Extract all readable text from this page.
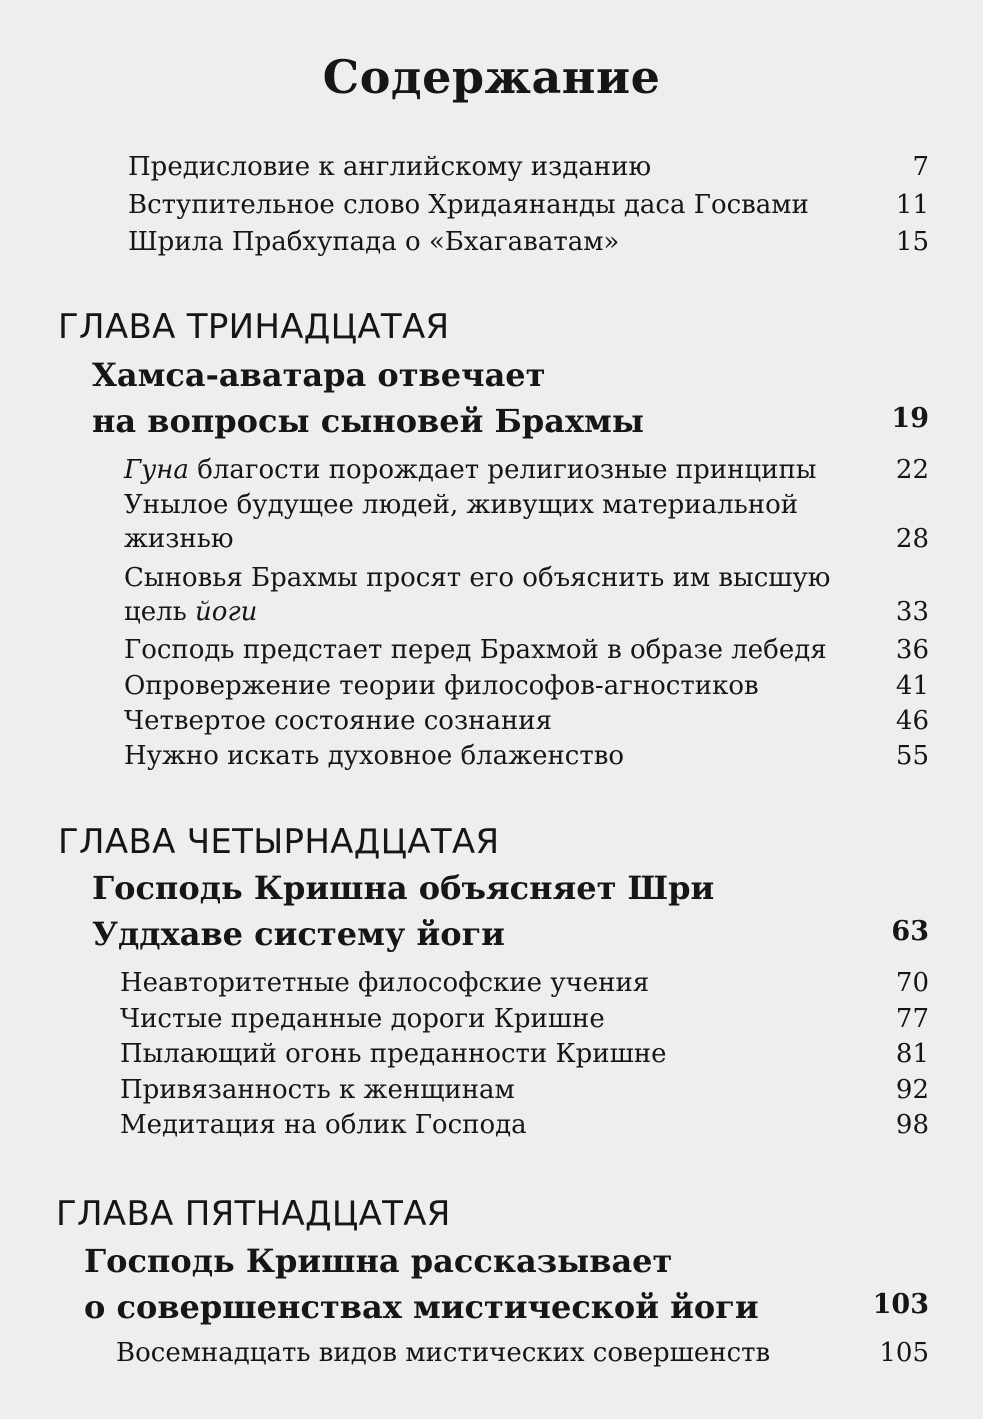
Содержание
Предисловие к английскому изданию	7
Вступительное слово Хридаянанды даса Госвами	11
Шрила Прабхупада о «Бхагаватам»	15
ГЛАВА ТРИНАДЦАТАЯ
Хамса-аватара отвечает
на вопросы сыновей Брахмы	19
Гуна благости порождает религиозные принципы	22
Унылое будущее людей, живущих материальной
жизнью	28
Сыновья Брахмы просят его объяснить им высшую
цель йоги	33
Господь предстает перед Брахмой в образе лебедя	36
Опровержение теории философов-агностиков	41
Четвертое состояние сознания	46
Нужно искать духовное блаженство	55
ГЛАВА ЧЕТЫРНАДЦАТАЯ
Господь Кришна объясняет Шри
Уддхаве систему йоги	63
Неавторитетные философские учения	70
Чистые преданные дороги Кришне	77
Пылающий огонь преданности Кришне	81
Привязанность к женщинам	92
Медитация на облик Господа	98
ГЛАВА ПЯТНАДЦАТАЯ
Господь Кришна рассказывает
о совершенствах мистической йоги	103
Восемнадцать видов мистических совершенств	105
